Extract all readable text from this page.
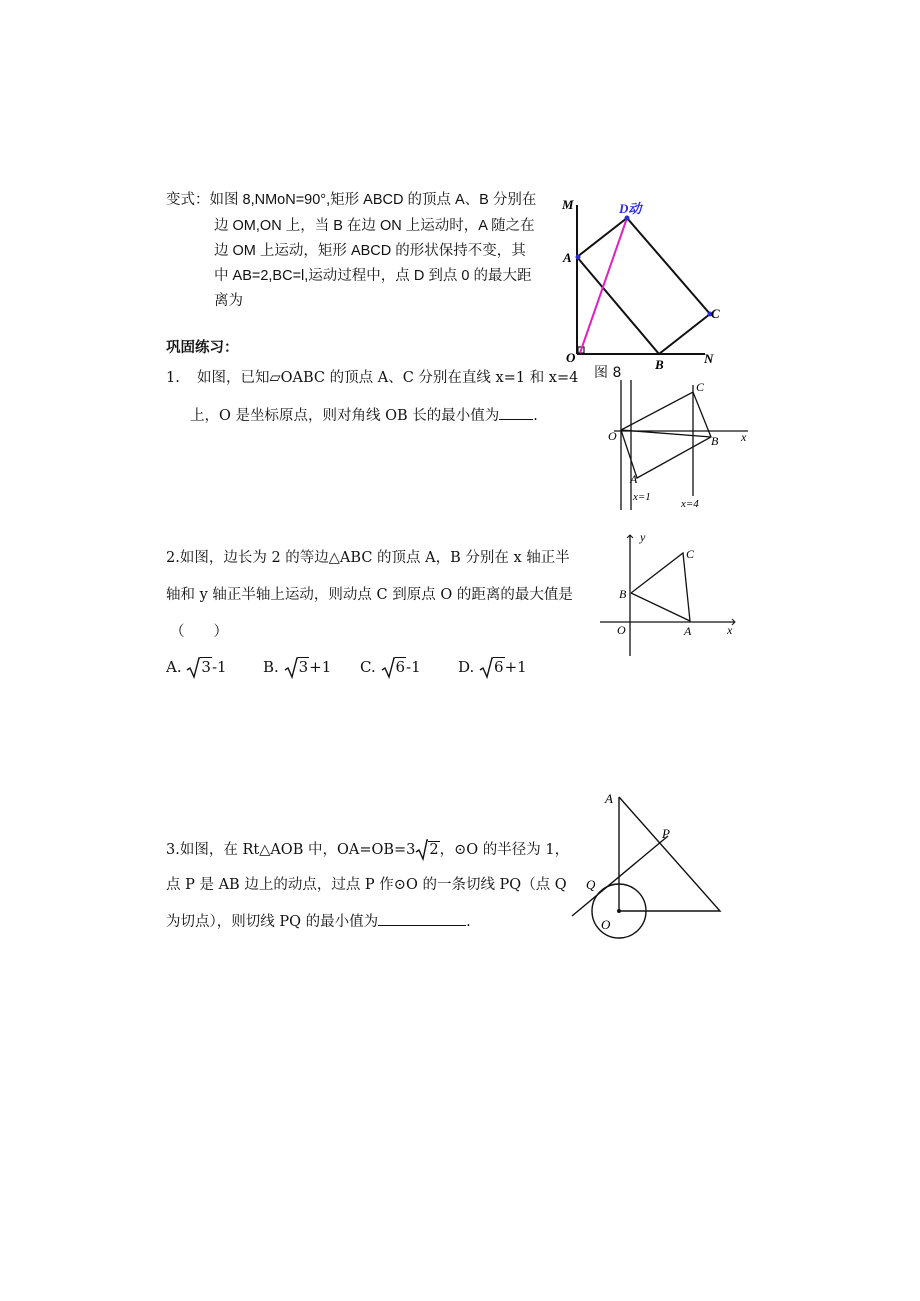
变式：如图 8,NMoN=90°,矩形 ABCD 的顶点 A、B 分别在
边 OM,ON 上，当 B 在边 ON 上运动时，A 随之在
边 OM 上运动，矩形 ABCD 的形状保持不变，其
中 AB=2,BC=l,运动过程中，点 D 到点 0 的最大距
离为
M	D动
A
C
O	B	N
巩固练习：
1. 如图，已知▱OABC 的顶点 A、C 分别在直线 x=1 和 x=4 图 8
上，O 是坐标原点，则对角线 OB 长的最小值为 .
C
O	B x
A
x=1
x=4
2.如图，边长为 2 的等边△ABC 的顶点 A，B 分别在 x 轴正半
轴和 y 轴正半轴上运动，则动点 C 到原点 O 的距离的最大值是
（　　）
A. 3-1 B. 3+1 C. 6-1 D. 6+1
y
C
B
O	A	x
3.如图，在 Rt△AOB 中，OA=OB=3 2，⊙O 的半径为 1，
点 P 是 AB 边上的动点，过点 P 作⊙O 的一条切线 PQ（点 Q
为切点），则切线 PQ 的最小值为	.
A
P
Q
O
